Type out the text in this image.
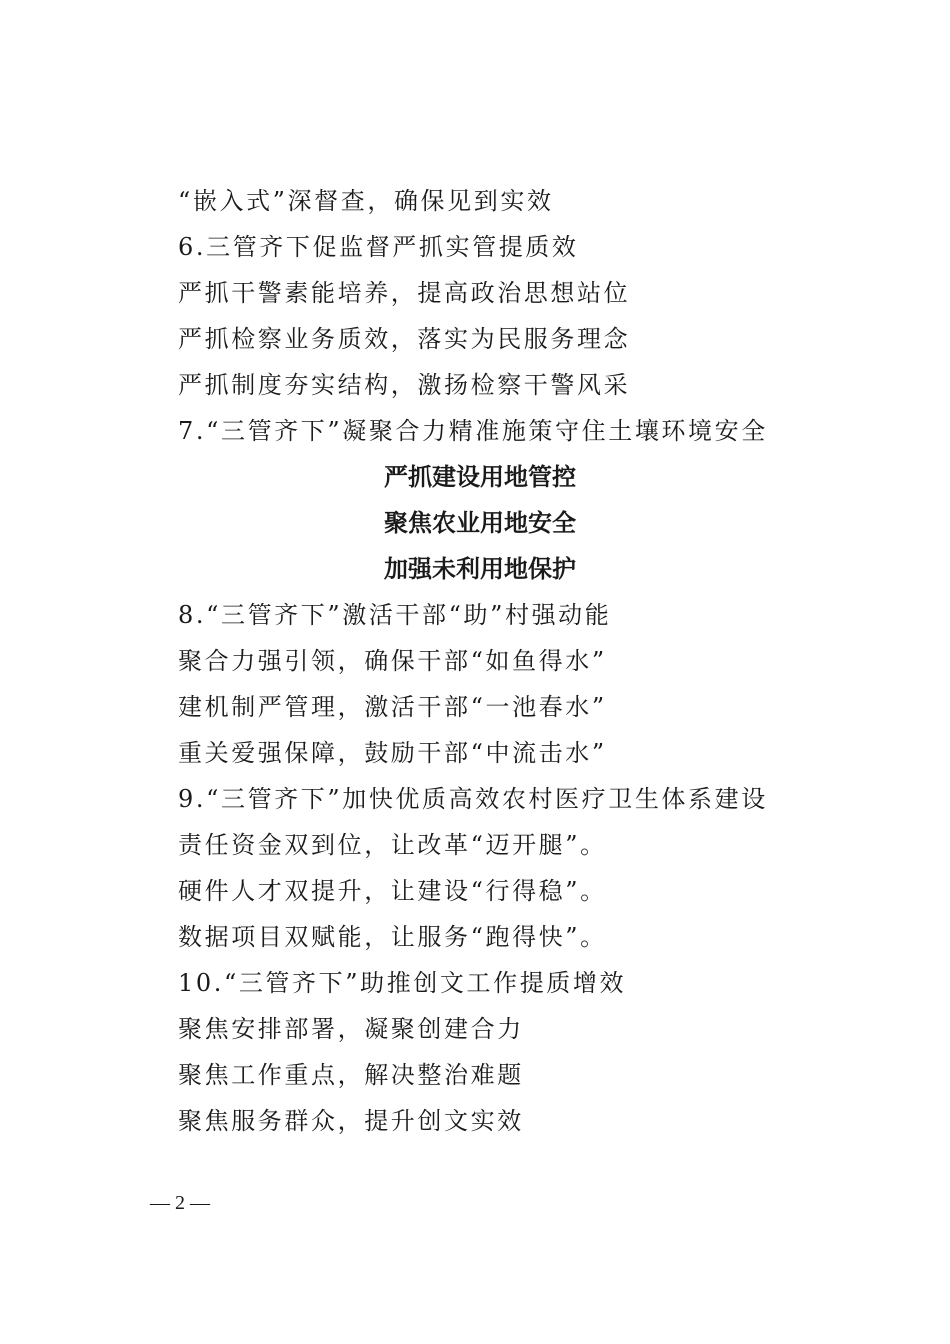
“嵌入式”深督查，确保见到实效
6.三管齐下促监督严抓实管提质效
严抓干警素能培养，提高政治思想站位
严抓检察业务质效，落实为民服务理念
严抓制度夯实结构，激扬检察干警风采
7.“三管齐下”凝聚合力精准施策守住土壤环境安全
严抓建设用地管控
聚焦农业用地安全
加强未利用地保护
8.“三管齐下”激活干部“助”村强动能
聚合力强引领，确保干部“如鱼得水”
建机制严管理，激活干部“一池春水”
重关爱强保障，鼓励干部“中流击水”
9.“三管齐下”加快优质高效农村医疗卫生体系建设
责任资金双到位，让改革“迈开腿”。
硬件人才双提升，让建设“行得稳”。
数据项目双赋能，让服务“跑得快”。
10.“三管齐下”助推创文工作提质增效
聚焦安排部署，凝聚创建合力
聚焦工作重点，解决整治难题
聚焦服务群众，提升创文实效
— 2 —
